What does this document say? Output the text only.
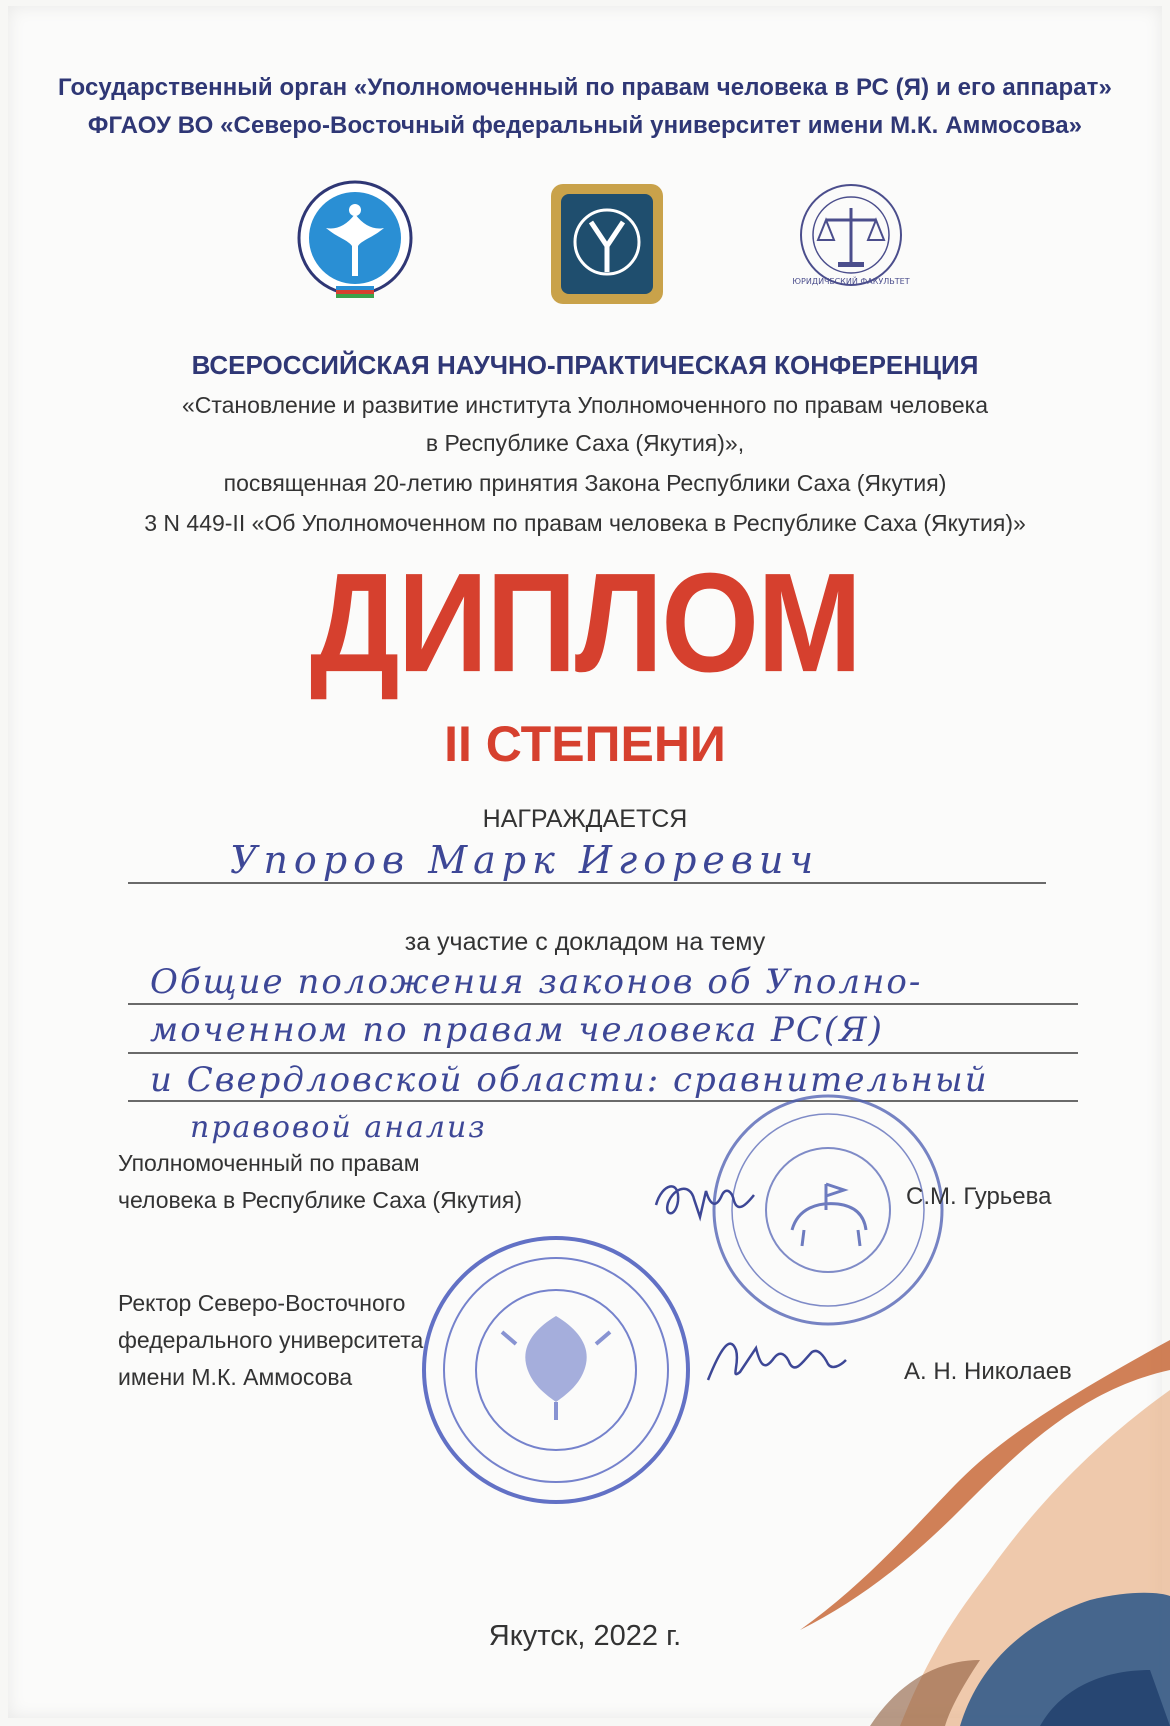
Государственный орган «Уполномоченный по правам человека в РС (Я) и его аппарат»
ФГАОУ ВО «Северо-Восточный федеральный университет имени М.К. Аммосова»
ЮРИДИЧЕСКИЙ ФАКУЛЬТЕТ
ВСЕРОССИЙСКАЯ НАУЧНО-ПРАКТИЧЕСКАЯ КОНФЕРЕНЦИЯ
«Становление и развитие института Уполномоченного по правам человека
в Республике Саха (Якутия)»,
посвященная 20-летию принятия Закона Республики Саха (Якутия)
3 N 449-II «Об Уполномоченном по правам человека в Республике Саха (Якутия)»
ДИПЛОМ
II СТЕПЕНИ
НАГРАЖДАЕТСЯ
Упоров Марк Игоревич
за участие с докладом на тему
Общие положения законов об Уполно-
моченном по правам человека РС(Я)
и Свердловской области: сравнительный
правовой анализ
Уполномоченный по правам
человека в Республике Саха (Якутия)	С.М. Гурьева
Ректор Северо-Восточного
федерального университета
имени М.К. Аммосова	А. Н. Николаев
Якутск, 2022 г.
